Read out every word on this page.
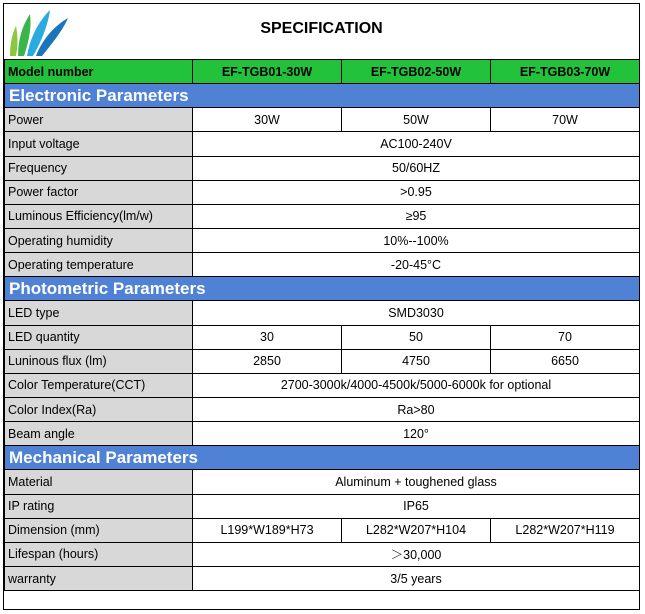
SPECIFICATION
Model number	EF-TGB01-30W	EF-TGB02-50W	EF-TGB03-70W
Electronic Parameters			
Power	30W	50W	70W
Input voltage	AC100-240V		
Frequency	50/60HZ		
Power factor	>0.95		
Luminous Efficiency(lm/w)	≥95		
Operating humidity	10%--100%		
Operating temperature	-20-45°C		
Photometric Parameters			
LED type	SMD3030		
LED quantity	30	50	70
Luninous flux (lm)	2850	4750	6650
Color Temperature(CCT)	2700-3000k/4000-4500k/5000-6000k for optional		
Color Index(Ra)	Ra>80		
Beam angle	120°		
Mechanical Parameters			
Material	Aluminum + toughened glass		
IP rating	IP65		
Dimension (mm)	L199*W189*H73	L282*W207*H104	L282*W207*H119
Lifespan (hours)	＞30,000		
warranty	3/5 years		
